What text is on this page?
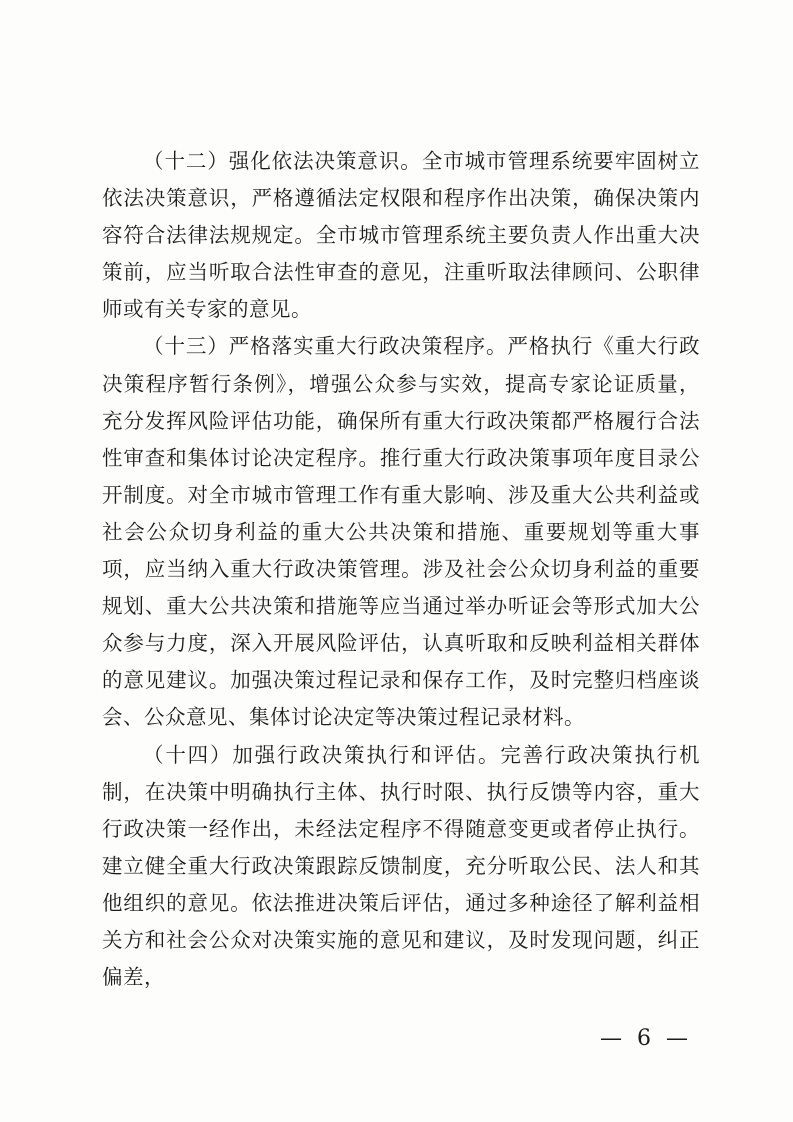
（十二）强化依法决策意识。全市城市管理系统要牢固树立依法决策意识，严格遵循法定权限和程序作出决策，确保决策内容符合法律法规规定。全市城市管理系统主要负责人作出重大决策前，应当听取合法性审查的意见，注重听取法律顾问、公职律师或有关专家的意见。

（十三）严格落实重大行政决策程序。严格执行《重大行政决策程序暂行条例》，增强公众参与实效，提高专家论证质量，充分发挥风险评估功能，确保所有重大行政决策都严格履行合法性审查和集体讨论决定程序。推行重大行政决策事项年度目录公开制度。对全市城市管理工作有重大影响、涉及重大公共利益或社会公众切身利益的重大公共决策和措施、重要规划等重大事项，应当纳入重大行政决策管理。涉及社会公众切身利益的重要规划、重大公共决策和措施等应当通过举办听证会等形式加大公众参与力度，深入开展风险评估，认真听取和反映利益相关群体的意见建议。加强决策过程记录和保存工作，及时完整归档座谈会、公众意见、集体讨论决定等决策过程记录材料。

（十四）加强行政决策执行和评估。完善行政决策执行机制，在决策中明确执行主体、执行时限、执行反馈等内容，重大行政决策一经作出，未经法定程序不得随意变更或者停止执行。建立健全重大行政决策跟踪反馈制度，充分听取公民、法人和其他组织的意见。依法推进决策后评估，通过多种途径了解利益相关方和社会公众对决策实施的意见和建议，及时发现问题，纠正偏差，

— 6 —
